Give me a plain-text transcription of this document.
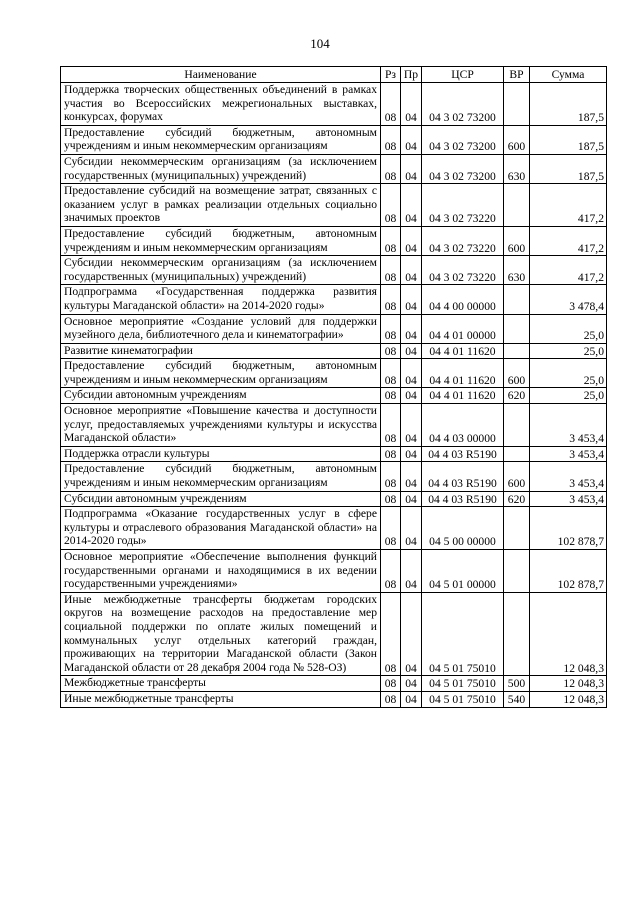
104
Наименование	Рз	Пр	ЦСР	ВР	Сумма
Поддержка творческих общественных объединений в рамках участия во Всероссийских межрегиональных выставках, конкурсах, форумах	08	04	04 3 02 73200		187,5
Предоставление субсидий бюджетным, автономным учреждениям и иным некоммерческим организациям	08	04	04 3 02 73200	600	187,5
Субсидии некоммерческим организациям (за исключением государственных (муниципальных) учреждений)	08	04	04 3 02 73200	630	187,5
Предоставление субсидий на возмещение затрат, связанных с оказанием услуг в рамках реализации отдельных социально значимых проектов	08	04	04 3 02 73220		417,2
Предоставление субсидий бюджетным, автономным учреждениям и иным некоммерческим организациям	08	04	04 3 02 73220	600	417,2
Субсидии некоммерческим организациям (за исключением государственных (муниципальных) учреждений)	08	04	04 3 02 73220	630	417,2
Подпрограмма «Государственная поддержка развития культуры Магаданской области» на 2014-2020 годы»	08	04	04 4 00 00000		3 478,4
Основное мероприятие «Создание условий для поддержки музейного дела, библиотечного дела и кинематографии»	08	04	04 4 01 00000		25,0
Развитие кинематографии	08	04	04 4 01 11620		25,0
Предоставление субсидий бюджетным, автономным учреждениям и иным некоммерческим организациям	08	04	04 4 01 11620	600	25,0
Субсидии автономным учреждениям	08	04	04 4 01 11620	620	25,0
Основное мероприятие «Повышение качества и доступности услуг, предоставляемых учреждениями культуры и искусства Магаданской области»	08	04	04 4 03 00000		3 453,4
Поддержка отрасли культуры	08	04	04 4 03 R5190		3 453,4
Предоставление субсидий бюджетным, автономным учреждениям и иным некоммерческим организациям	08	04	04 4 03 R5190	600	3 453,4
Субсидии автономным учреждениям	08	04	04 4 03 R5190	620	3 453,4
Подпрограмма «Оказание государственных услуг в сфере культуры и отраслевого образования Магаданской области» на 2014-2020 годы»	08	04	04 5 00 00000		102 878,7
Основное мероприятие «Обеспечение выполнения функций государственными органами и находящимися в их ведении государственными учреждениями»	08	04	04 5 01 00000		102 878,7
Иные межбюджетные трансферты бюджетам городских округов на возмещение расходов на предоставление мер социальной поддержки по оплате жилых помещений и коммунальных услуг отдельных категорий граждан, проживающих на территории Магаданской области (Закон Магаданской области от 28 декабря 2004 года № 528-ОЗ)	08	04	04 5 01 75010		12 048,3
Межбюджетные трансферты	08	04	04 5 01 75010	500	12 048,3
Иные межбюджетные трансферты	08	04	04 5 01 75010	540	12 048,3
